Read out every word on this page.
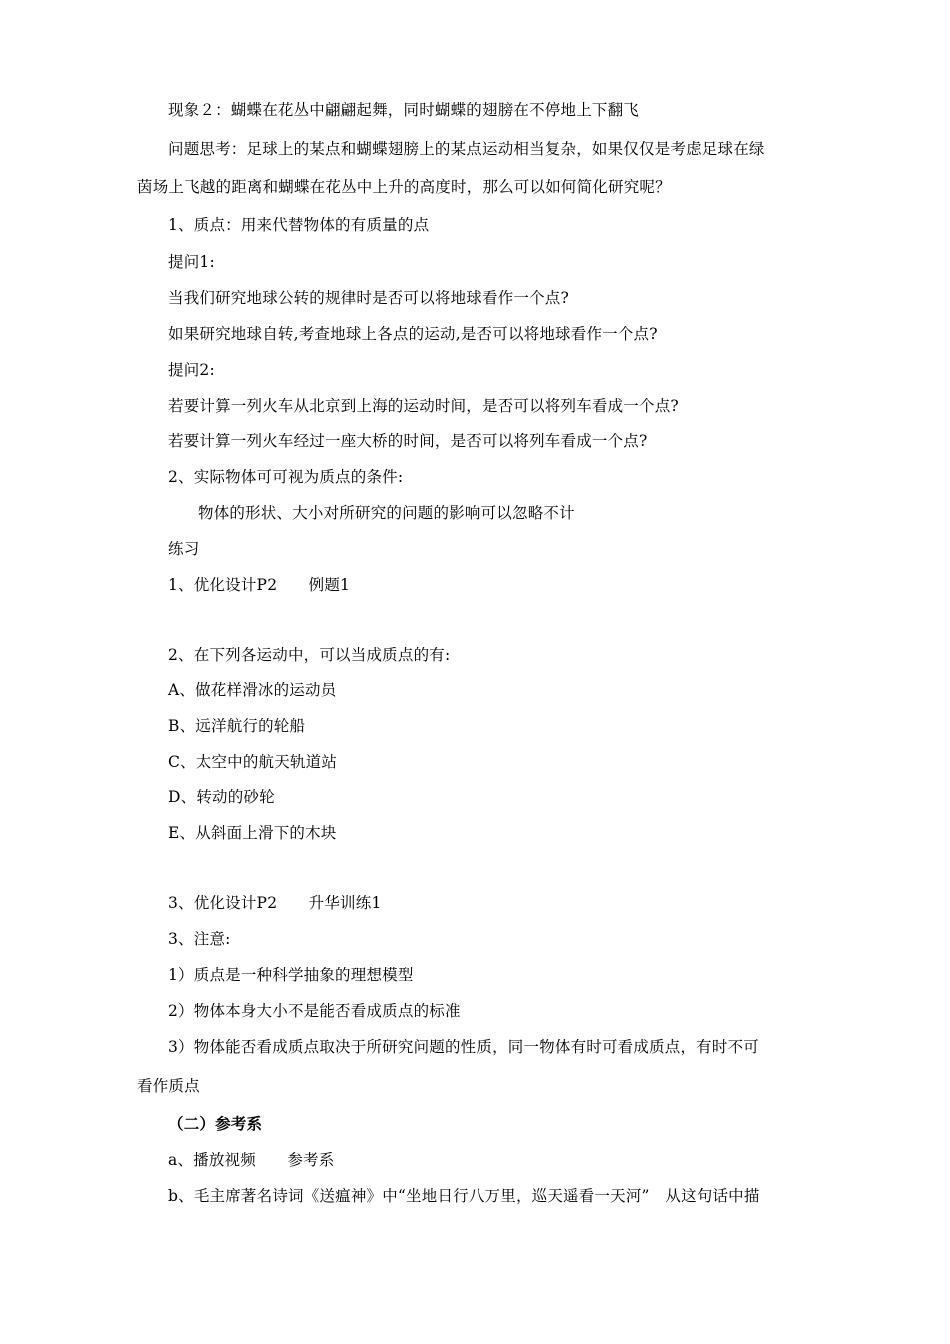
现象２：蝴蝶在花丛中翩翩起舞，同时蝴蝶的翅膀在不停地上下翻飞
问题思考：足球上的某点和蝴蝶翅膀上的某点运动相当复杂，如果仅仅是考虑足球在绿
茵场上飞越的距离和蝴蝶在花丛中上升的高度时，那么可以如何简化研究呢？
1、质点：用来代替物体的有质量的点
提问1:
当我们研究地球公转的规律时是否可以将地球看作一个点?
如果研究地球自转,考查地球上各点的运动,是否可以将地球看作一个点?
提问2:
若要计算一列火车从北京到上海的运动时间，是否可以将列车看成一个点?
若要计算一列火车经过一座大桥的时间，是否可以将列车看成一个点?
2、实际物体可可视为质点的条件:
物体的形状、大小对所研究的问题的影响可以忽略不计
练习
1、优化设计P2　　例题1
2、在下列各运动中，可以当成质点的有:
A、做花样滑冰的运动员
B、远洋航行的轮船
C、太空中的航天轨道站
D、转动的砂轮
E、从斜面上滑下的木块
3、优化设计P2　　升华训练1
3、注意:
1）质点是一种科学抽象的理想模型
2）物体本身大小不是能否看成质点的标准
3）物体能否看成质点取决于所研究问题的性质，同一物体有时可看成质点，有时不可
看作质点
（二）参考系
a、播放视频　　参考系
b、毛主席著名诗词《送瘟神》中“坐地日行八万里，巡天遥看一天河”　从这句话中描
